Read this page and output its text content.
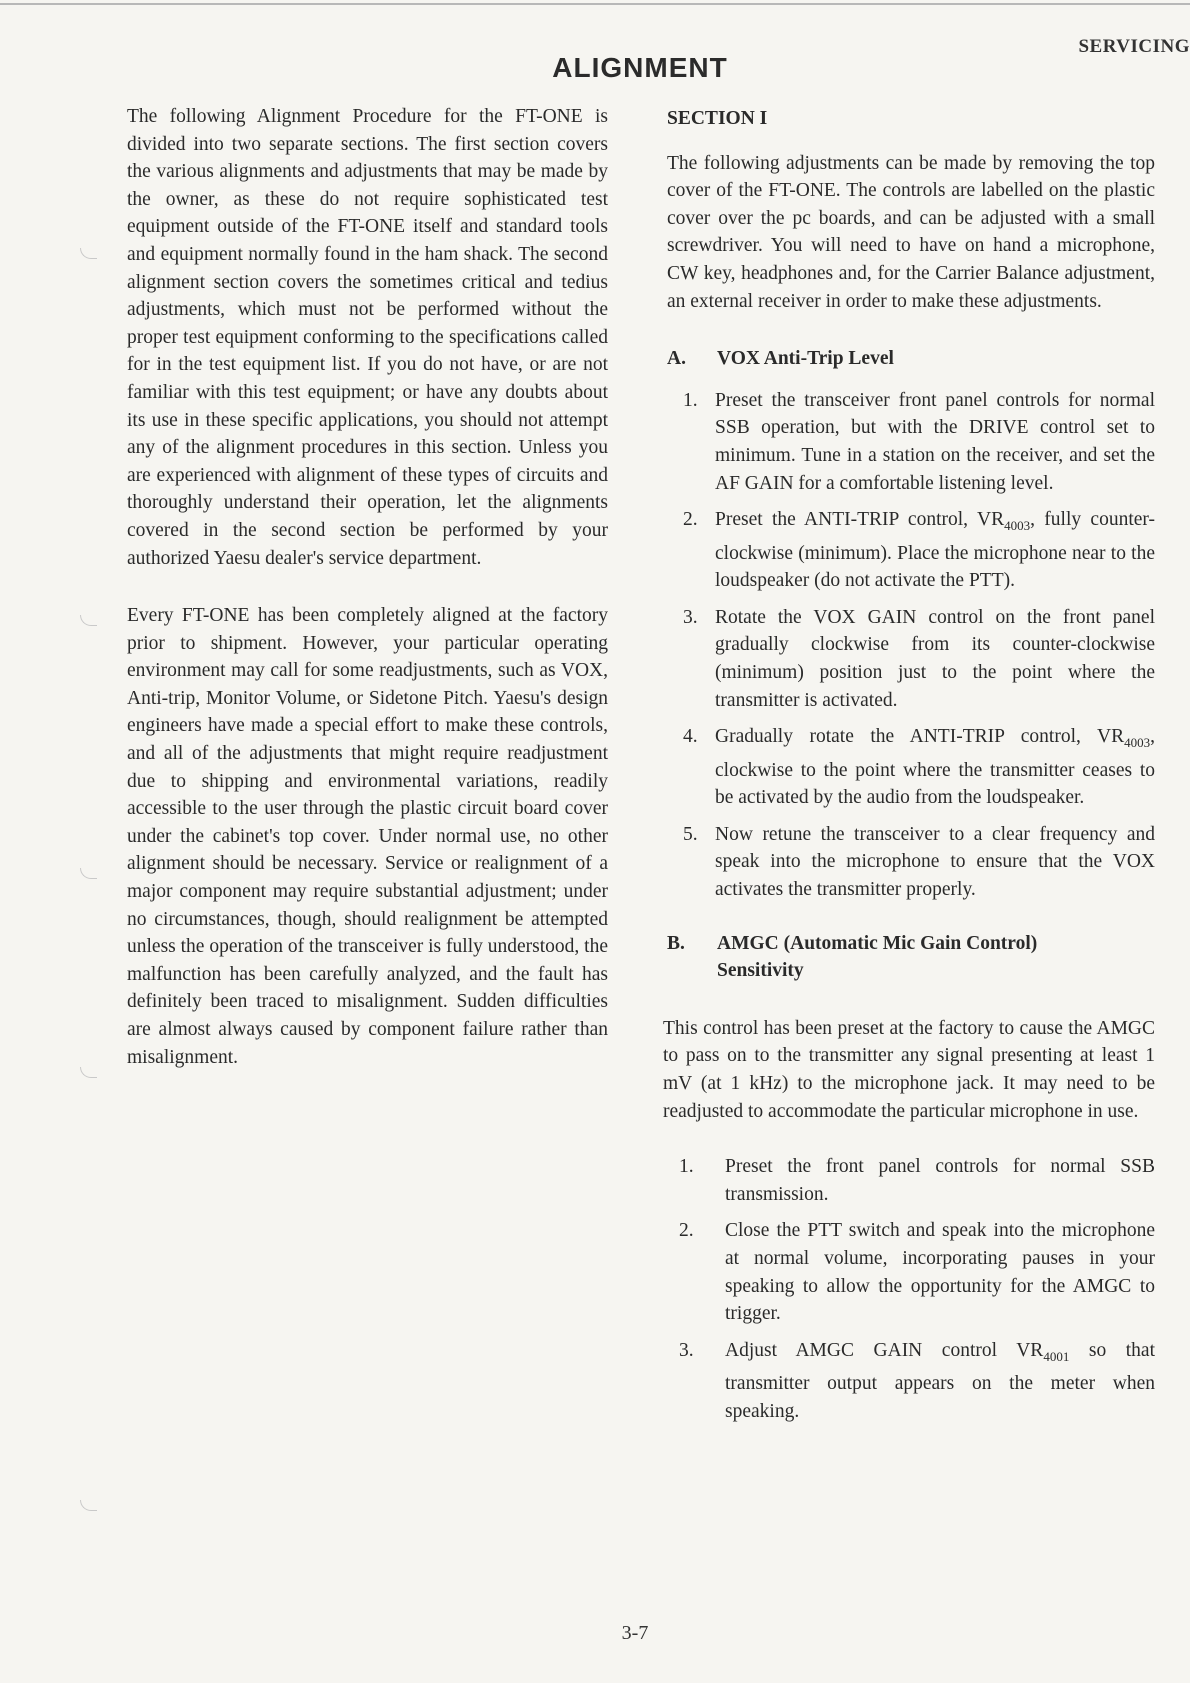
SERVICING
ALIGNMENT

The following Alignment Procedure for the FT-ONE is divided into two separate sections. The first section covers the various alignments and adjustments that may be made by the owner, as these do not require sophisticated test equipment outside of the FT-ONE itself and standard tools and equipment normally found in the ham shack. The second alignment section covers the sometimes critical and tedius adjustments, which must not be performed without the proper test equipment conforming to the specifications called for in the test equipment list. If you do not have, or are not familiar with this test equipment; or have any doubts about its use in these specific applications, you should not attempt any of the alignment procedures in this section. Unless you are experienced with alignment of these types of circuits and thoroughly understand their operation, let the alignments covered in the second section be performed by your authorized Yaesu dealer's service department.

Every FT-ONE has been completely aligned at the factory prior to shipment. However, your particular operating environment may call for some readjustments, such as VOX, Anti-trip, Monitor Volume, or Sidetone Pitch. Yaesu's design engineers have made a special effort to make these controls, and all of the adjustments that might require readjustment due to shipping and environmental variations, readily accessible to the user through the plastic circuit board cover under the cabinet's top cover. Under normal use, no other alignment should be necessary. Service or realignment of a major component may require substantial adjustment; under no circumstances, though, should realignment be attempted unless the operation of the transceiver is fully understood, the malfunction has been carefully analyzed, and the fault has definitely been traced to misalignment. Sudden difficulties are almost always caused by component failure rather than misalignment.

SECTION I

The following adjustments can be made by removing the top cover of the FT-ONE. The controls are labelled on the plastic cover over the pc boards, and can be adjusted with a small screwdriver. You will need to have on hand a microphone, CW key, headphones and, for the Carrier Balance adjustment, an external receiver in order to make these adjustments.

A.	VOX Anti-Trip Level
1. Preset the transceiver front panel controls for normal SSB operation, but with the DRIVE control set to minimum. Tune in a station on the receiver, and set the AF GAIN for a comfortable listening level.
2. Preset the ANTI-TRIP control, $VR_{4003}$, fully counter-clockwise (minimum). Place the microphone near to the loudspeaker (do not activate the PTT).
3. Rotate the VOX GAIN control on the front panel gradually clockwise from its counter-clockwise (minimum) position just to the point where the transmitter is activated.
4. Gradually rotate the ANTI-TRIP control, $VR_{4003}$, clockwise to the point where the transmitter ceases to be activated by the audio from the loudspeaker.
5. Now retune the transceiver to a clear frequency and speak into the microphone to ensure that the VOX activates the transmitter properly.
B.	AMGC (Automatic Mic Gain Control)
Sensitivity

This control has been preset at the factory to cause the AMGC to pass on to the transmitter any signal presenting at least 1 mV (at 1 kHz) to the microphone jack. It may need to be readjusted to accommodate the particular microphone in use.

1.	Preset the front panel controls for normal SSB transmission.
2.	Close the PTT switch and speak into the microphone at normal volume, incorporating pauses in your speaking to allow the opportunity for the AMGC to trigger.
3.	Adjust AMGC GAIN control $VR_{4001}$ so that transmitter output appears on the meter when speaking.
3-7
